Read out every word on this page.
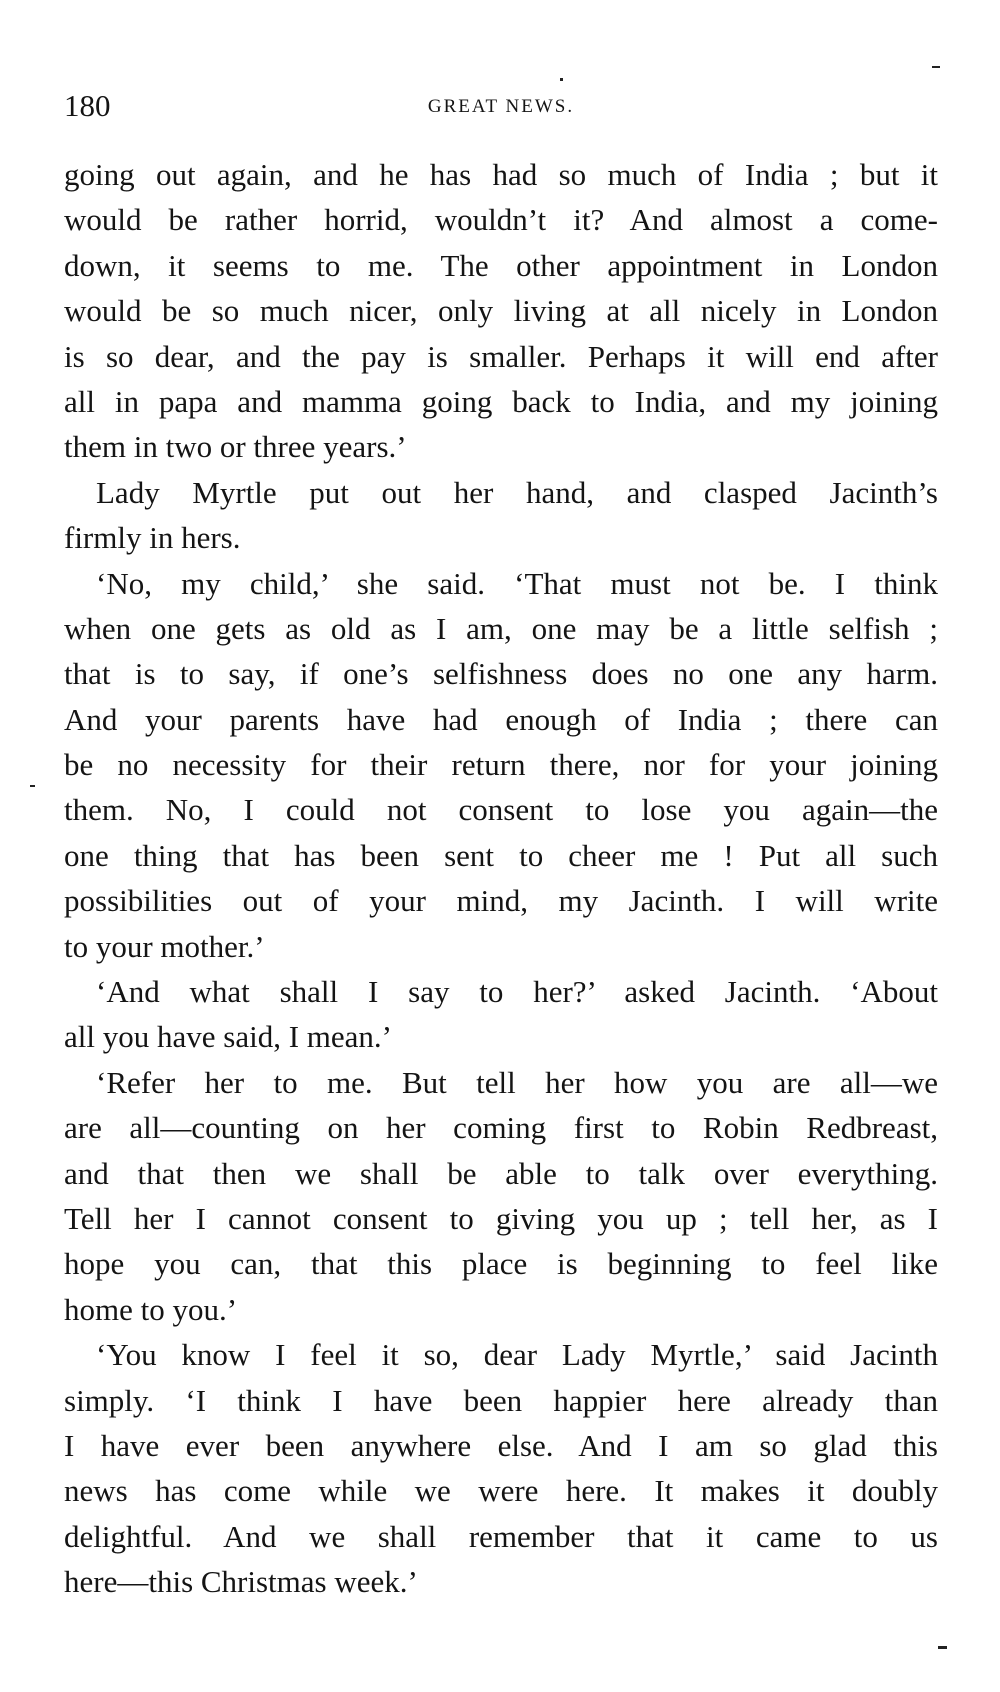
180	GREAT NEWS.
going out again, and he has had so much of India ; but it
would be rather horrid, wouldn’t it? And almost a come-
down, it seems to me. The other appointment in London
would be so much nicer, only living at all nicely in London
is so dear, and the pay is smaller. Perhaps it will end after
all in papa and mamma going back to India, and my joining
them in two or three years.’
Lady Myrtle put out her hand, and clasped Jacinth’s
firmly in hers.
‘No, my child,’ she said. ‘That must not be. I think
when one gets as old as I am, one may be a little selfish ;
that is to say, if one’s selfishness does no one any harm.
And your parents have had enough of India ; there can
be no necessity for their return there, nor for your joining
them. No, I could not consent to lose you again—the
one thing that has been sent to cheer me ! Put all such
possibilities out of your mind, my Jacinth. I will write
to your mother.’
‘And what shall I say to her?’ asked Jacinth. ‘About
all you have said, I mean.’
‘Refer her to me. But tell her how you are all—we
are all—counting on her coming first to Robin Redbreast,
and that then we shall be able to talk over everything.
Tell her I cannot consent to giving you up ; tell her, as I
hope you can, that this place is beginning to feel like
home to you.’
‘You know I feel it so, dear Lady Myrtle,’ said Jacinth
simply. ‘I think I have been happier here already than
I have ever been anywhere else. And I am so glad this
news has come while we were here. It makes it doubly
delightful. And we shall remember that it came to us
here—this Christmas week.’
